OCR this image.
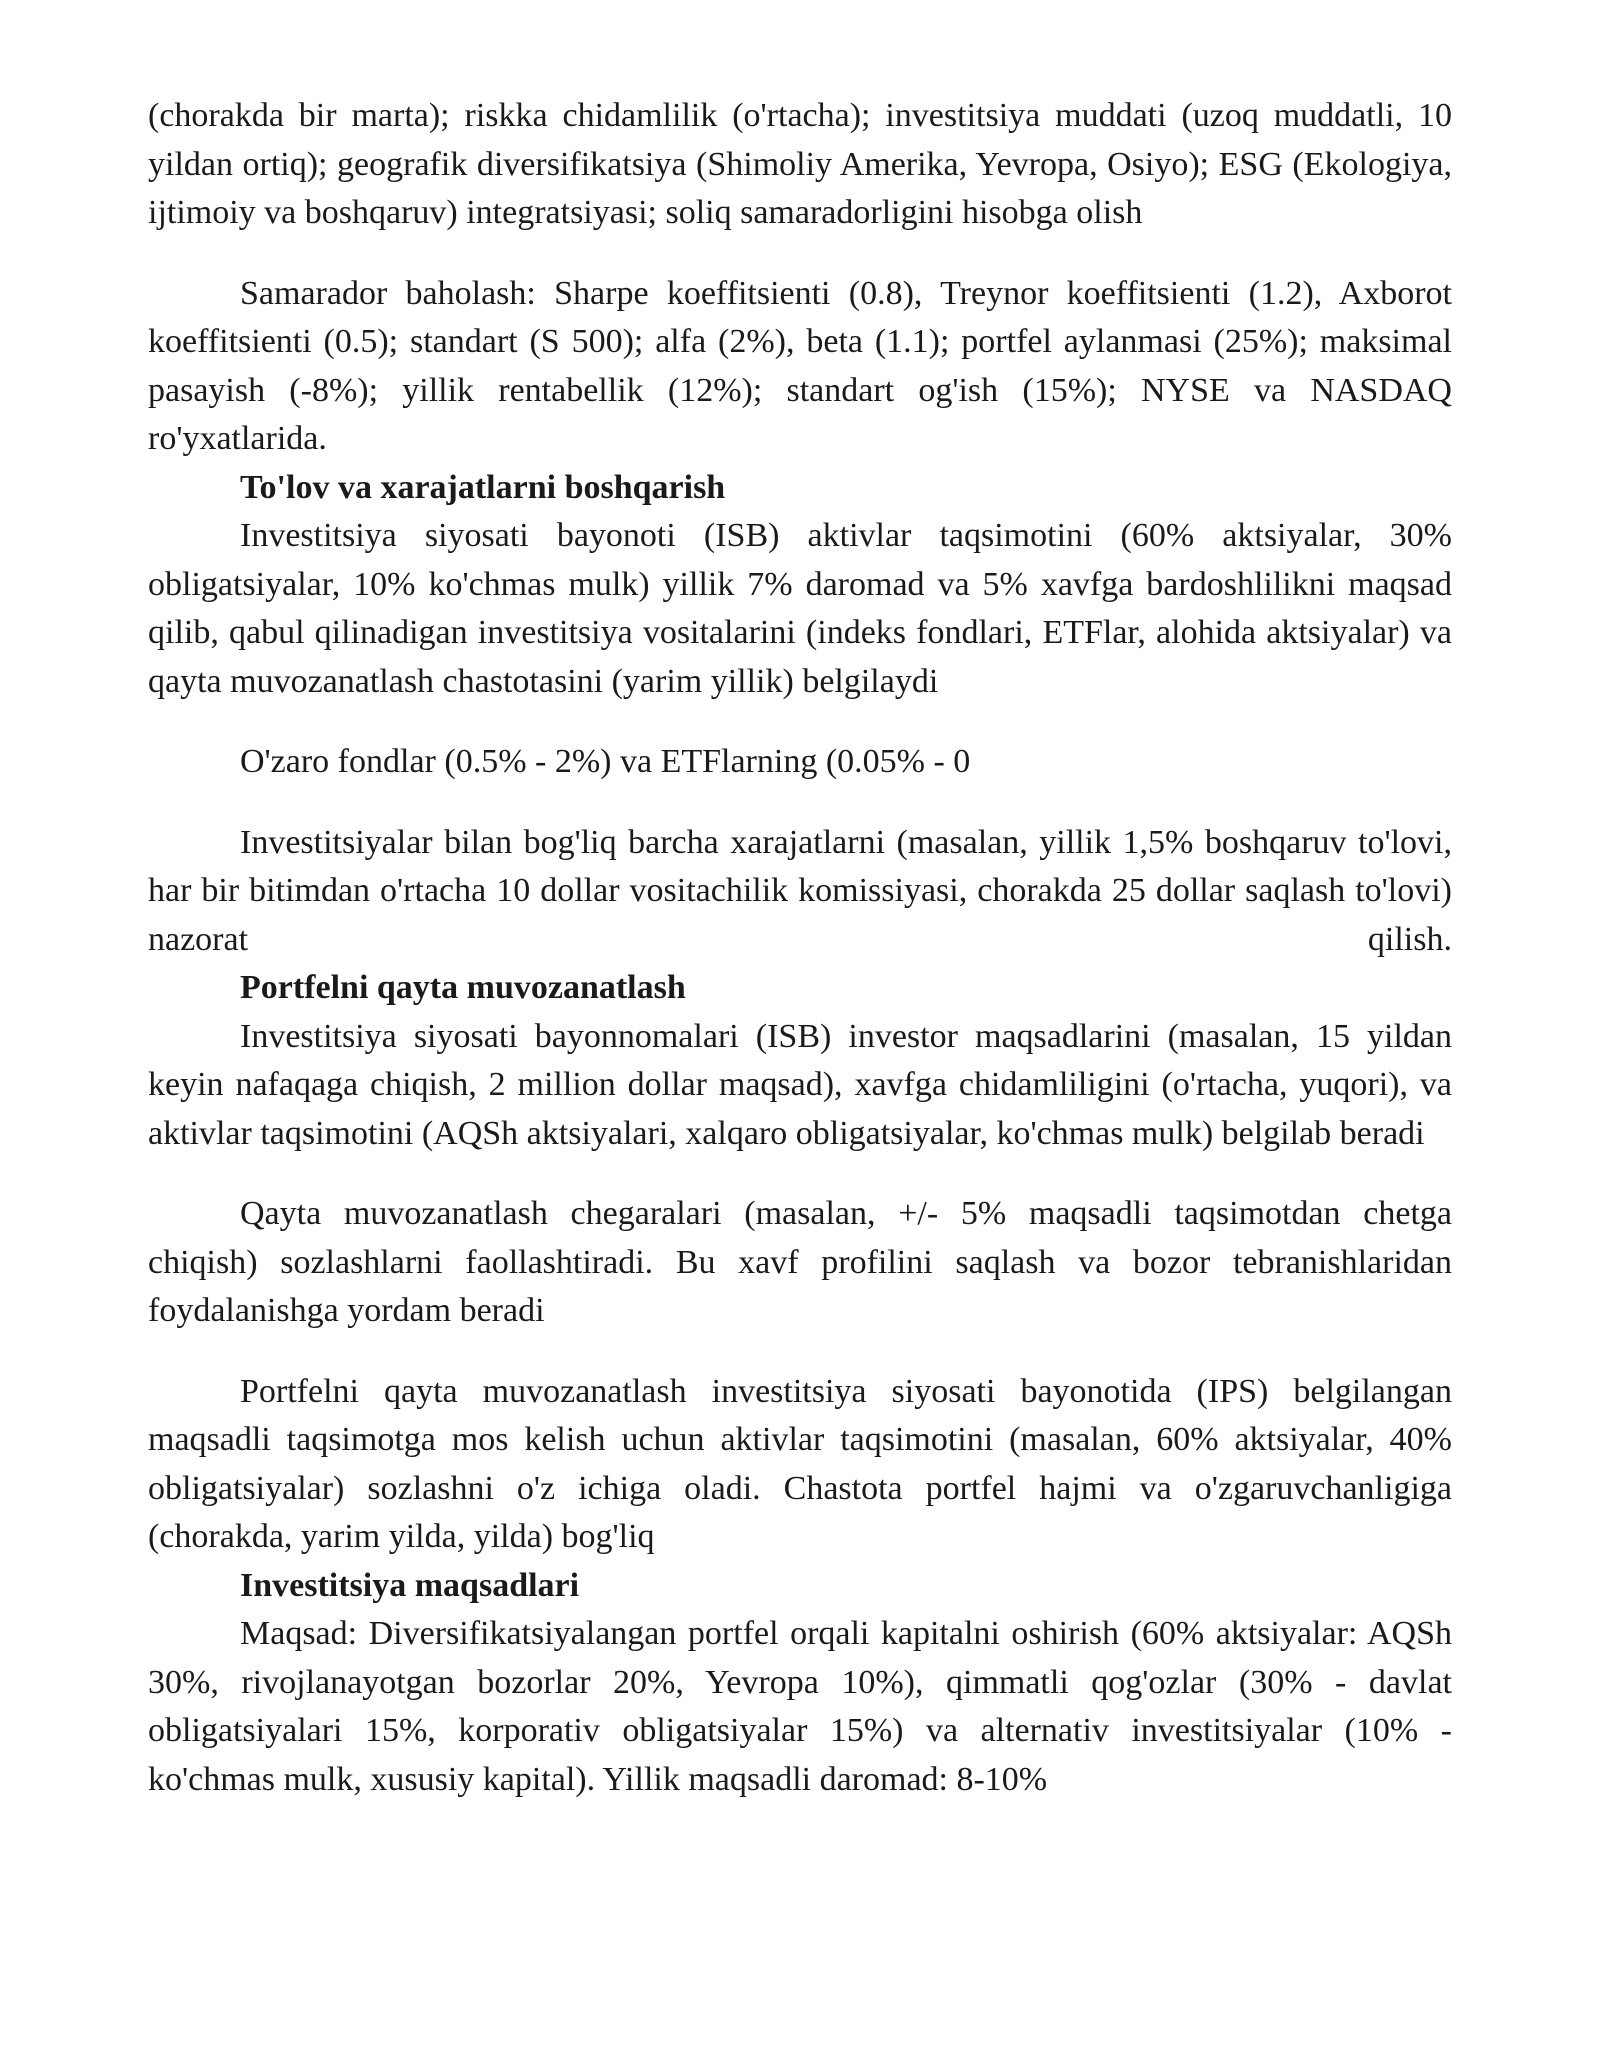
(chorakda bir marta); riskka chidamlilik (o'rtacha); investitsiya muddati (uzoq muddatli, 10 yildan ortiq); geografik diversifikatsiya (Shimoliy Amerika, Yevropa, Osiyo); ESG (Ekologiya, ijtimoiy va boshqaruv) integratsiyasi; soliq samaradorligini hisobga olish

Samarador baholash: Sharpe koeffitsienti (0.8), Treynor koeffitsienti (1.2), Axborot koeffitsienti (0.5); standart (S 500); alfa (2%), beta (1.1); portfel aylanmasi (25%); maksimal pasayish (-8%); yillik rentabellik (12%); standart og'ish (15%); NYSE va NASDAQ ro'yxatlarida.

To'lov va xarajatlarni boshqarish

Investitsiya siyosati bayonoti (ISB) aktivlar taqsimotini (60% aktsiyalar, 30% obligatsiyalar, 10% ko'chmas mulk) yillik 7% daromad va 5% xavfga bardoshlilikni maqsad qilib, qabul qilinadigan investitsiya vositalarini (indeks fondlari, ETFlar, alohida aktsiyalar) va qayta muvozanatlash chastotasini (yarim yillik) belgilaydi

O'zaro fondlar (0.5% - 2%) va ETFlarning (0.05% - 0

Investitsiyalar bilan bog'liq barcha xarajatlarni (masalan, yillik 1,5% boshqaruv to'lovi, har bir bitimdan o'rtacha 10 dollar vositachilik komissiyasi, chorakda 25 dollar saqlash to'lovi) nazorat qilish.

Portfelni qayta muvozanatlash

Investitsiya siyosati bayonnomalari (ISB) investor maqsadlarini (masalan, 15 yildan keyin nafaqaga chiqish, 2 million dollar maqsad), xavfga chidamliligini (o'rtacha, yuqori), va aktivlar taqsimotini (AQSh aktsiyalari, xalqaro obligatsiyalar, ko'chmas mulk) belgilab beradi

Qayta muvozanatlash chegaralari (masalan, +/- 5% maqsadli taqsimotdan chetga chiqish) sozlashlarni faollashtiradi. Bu xavf profilini saqlash va bozor tebranishlaridan foydalanishga yordam beradi

Portfelni qayta muvozanatlash investitsiya siyosati bayonotida (IPS) belgilangan maqsadli taqsimotga mos kelish uchun aktivlar taqsimotini (masalan, 60% aktsiyalar, 40% obligatsiyalar) sozlashni o'z ichiga oladi. Chastota portfel hajmi va o'zgaruvchanligiga (chorakda, yarim yilda, yilda) bog'liq

Investitsiya maqsadlari

Maqsad: Diversifikatsiyalangan portfel orqali kapitalni oshirish (60% aktsiyalar: AQSh 30%, rivojlanayotgan bozorlar 20%, Yevropa 10%), qimmatli qog'ozlar (30% - davlat obligatsiyalari 15%, korporativ obligatsiyalar 15%) va alternativ investitsiyalar (10% - ko'chmas mulk, xususiy kapital). Yillik maqsadli daromad: 8-10%
